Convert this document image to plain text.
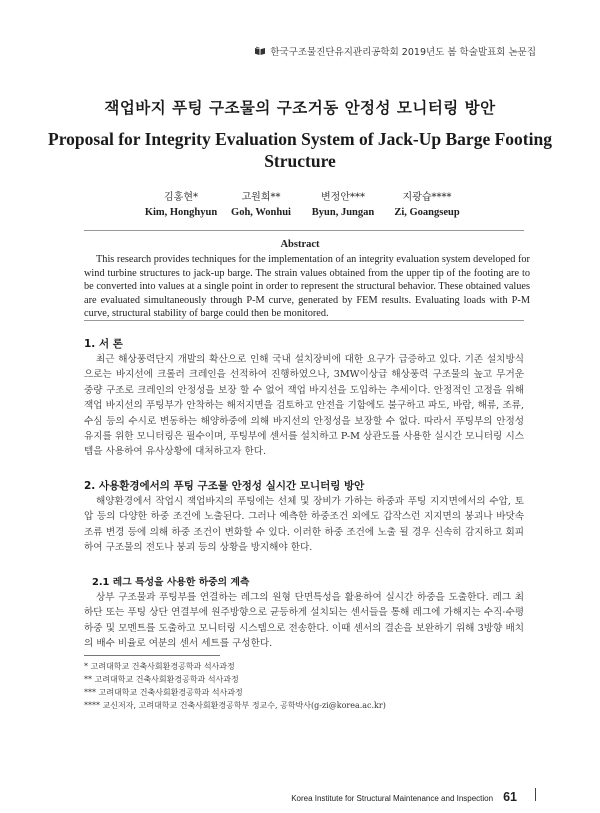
한국구조물진단유지관리공학회 2019년도 봄 학술발표회 논문집
잭업바지 푸팅 구조물의 구조거동 안정성 모니터링 방안
Proposal for Integrity Evaluation System of Jack-Up Barge Footing Structure
김홍현*
Kim, Honghyun
고원희**
Goh, Wonhui
변정안***
Byun, Jungan
지광습****
Zi, Goangseup
Abstract
This research provides techniques for the implementation of an integrity evaluation system developed for wind turbine structures to jack-up barge. The strain values obtained from the upper tip of the footing are to be converted into values at a single point in order to represent the structural behavior. These obtained values are evaluated simultaneously through P-M curve, generated by FEM results. Evaluating loads with P-M curve, structural stability of barge could then be monitored.
1. 서 론
최근 해상풍력단지 개발의 확산으로 인해 국내 설치장비에 대한 요구가 급증하고 있다. 기존 설치방식으로는 바지선에 크롤러 크레인을 선적하여 진행하였으나, 3MW이상급 해상풍력 구조물의 높고 무거운 중량 구조로 크레인의 안정성을 보장 할 수 없어 잭업 바지선을 도입하는 추세이다. 안정적인 고정을 위해 잭업 바지선의 푸팅부가 안착하는 해저지면을 검토하고 안전을 기함에도 불구하고 파도, 바람, 해류, 조류, 수심 등의 수시로 변동하는 해양하중에 의해 바지선의 안정성을 보장할 수 없다. 따라서 푸팅부의 안정성 유지를 위한 모니터링은 필수이며, 푸팅부에 센서를 설치하고 P-M 상관도를 사용한 실시간 모니터링 시스템을 사용하여 유사상황에 대처하고자 한다.
2. 사용환경에서의 푸팅 구조물 안정성 실시간 모니터링 방안
해양환경에서 작업시 잭업바지의 푸팅에는 선체 및 장비가 가하는 하중과 푸팅 지지면에서의 수압, 토압 등의 다양한 하중 조건에 노출된다. 그러나 예측한 하중조건 외에도 갑작스런 지지면의 붕괴나 바닷속 조류 변경 등에 의해 하중 조건이 변화할 수 있다. 이러한 하중 조건에 노출 될 경우 신속히 감지하고 회피하여 구조물의 전도나 붕괴 등의 상황을 방지해야 한다.
2.1 레그 특성을 사용한 하중의 계측
상부 구조물과 푸팅부를 연결하는 레그의 원형 단면특성을 활용하여 실시간 하중을 도출한다. 레그 최하단 또는 푸팅 상단 연결부에 원주방향으로 균등하게 설치되는 센서들을 통해 레그에 가해지는 수직·수평 하중 및 모멘트를 도출하고 모니터링 시스템으로 전송한다. 이때 센서의 결손을 보완하기 위해 3방향 배치의 배수 비율로 여분의 센서 세트를 구성한다.
* 고려대학교 건축사회환경공학과 석사과정
** 고려대학교 건축사회환경공학과 석사과정
*** 고려대학교 건축사회환경공학과 석사과정
**** 교신저자, 고려대학교 건축사회환경공학부 정교수, 공학박사(g-zi@korea.ac.kr)
Korea Institute for Structural Maintenance and Inspection 61
